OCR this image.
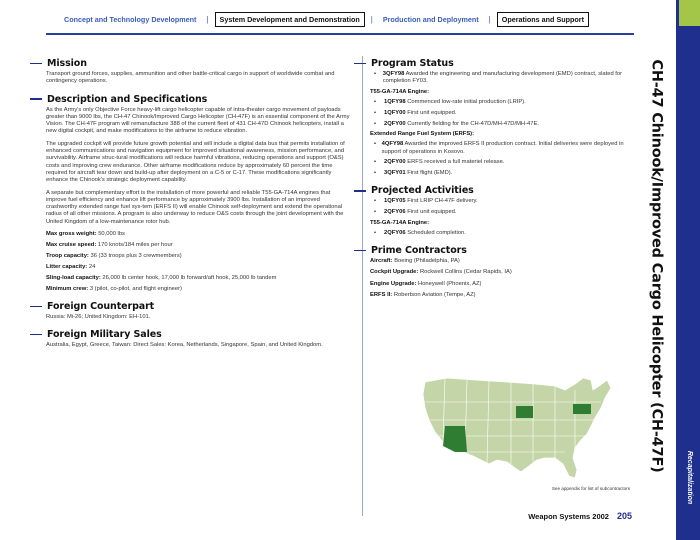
Concept and Technology Development	|	System Development and Demonstration	|	Production and Deployment	|	Operations and Support
CH-47 Chinook/Improved Cargo Helicopter (CH-47F)
Recapitalization
Mission

Transport ground forces, supplies, ammunition and other battle-critical cargo in support of worldwide combat and contingency operations.

Description and Specifications

As the Army's only Objective Force heavy-lift cargo helicopter capable of intra-theater cargo movement of payloads greater than 9000 lbs, the CH-47 Chinook/Improved Cargo Helicopter (CH-47F) is an essential component of the Army Vision. The CH-47F program will remanufacture 388 of the current fleet of 431 CH-47D Chinook helicopters, install a new digital cockpit, and make modifications to the airframe to reduce vibration.

The upgraded cockpit will provide future growth potential and will include a digital data bus that permits installation of enhanced communications and navigation equipment for improved situational awareness, mission performance, and survivability. Airframe struc-tural modifications will reduce harmful vibrations, reducing operations and support (O&S) costs and improving crew endurance. Other airframe modifications reduce by approximately 60 percent the time required for aircraft tear down and build-up after deployment on a C-5 or C-17. These modifications significantly enhance the Chinook's strategic deployment capability.

A separate but complementary effort is the installation of more powerful and reliable T55-GA-714A engines that improve fuel efficiency and enhance lift performance by approximately 3900 lbs. Installation of an improved crashworthy extended range fuel sys-tem (ERFS II) will enable Chinook self-deployment and extend the operational radius of all other missions. A program is also underway to reduce O&S costs through the joint development with the United Kingdom of a low-maintenance rotor hub.

Max gross weight: 50,000 lbs
Max cruise speed: 170 knots/184 miles per hour
Troop capacity: 36 (33 troops plus 3 crewmembers)
Litter capacity: 24
Sling-load capacity: 26,000 lb center hook, 17,000 lb forward/aft hook, 25,000 lb tandem
Minimum crew: 3 (pilot, co-pilot, and flight engineer)
Foreign Counterpart

Russia: Mi-26; United Kingdom: EH-101.

Foreign Military Sales

Australia, Egypt, Greece, Taiwan: Direct Sales: Korea, Netherlands, Singapore, Spain, and United Kingdom.

Program Status
•	3QFY98 Awarded the engineering and manufacturing development (EMD) contract, slated for completion FY03.
T55-GA-714A Engine:
•	1QFY98 Commenced low-rate initial production (LRIP).
•	1QFY00 First unit equipped.
•	2QFY00 Currently fielding for the CH-47D/MH-47D/MH-47E.
Extended Range Fuel System (ERFS):
• 4QFY98 Awarded the improved ERFS II production contract. Initial deliveries were deployed in support of operations in Kosovo.
•	2QFY00 ERFS received a full materiel release.
•	3QFY01 First flight (EMD).
Projected Activities
•	1QFY05 First LRIP CH-47F delivery.
•	2QFY06 First unit equipped.
T55-GA-714A Engine:
•	2QFY06 Scheduled completion.
Prime Contractors
Aircraft: Boeing (Philadelphia, PA)
Cockpit Upgrade: Rockwell Collins (Cedar Rapids, IA)
Engine Upgrade: Honeywell (Phoenix, AZ)
ERFS II: Robertson Aviation (Tempe, AZ)
See appendix for list of subcontractors
Weapon Systems 2002 205
